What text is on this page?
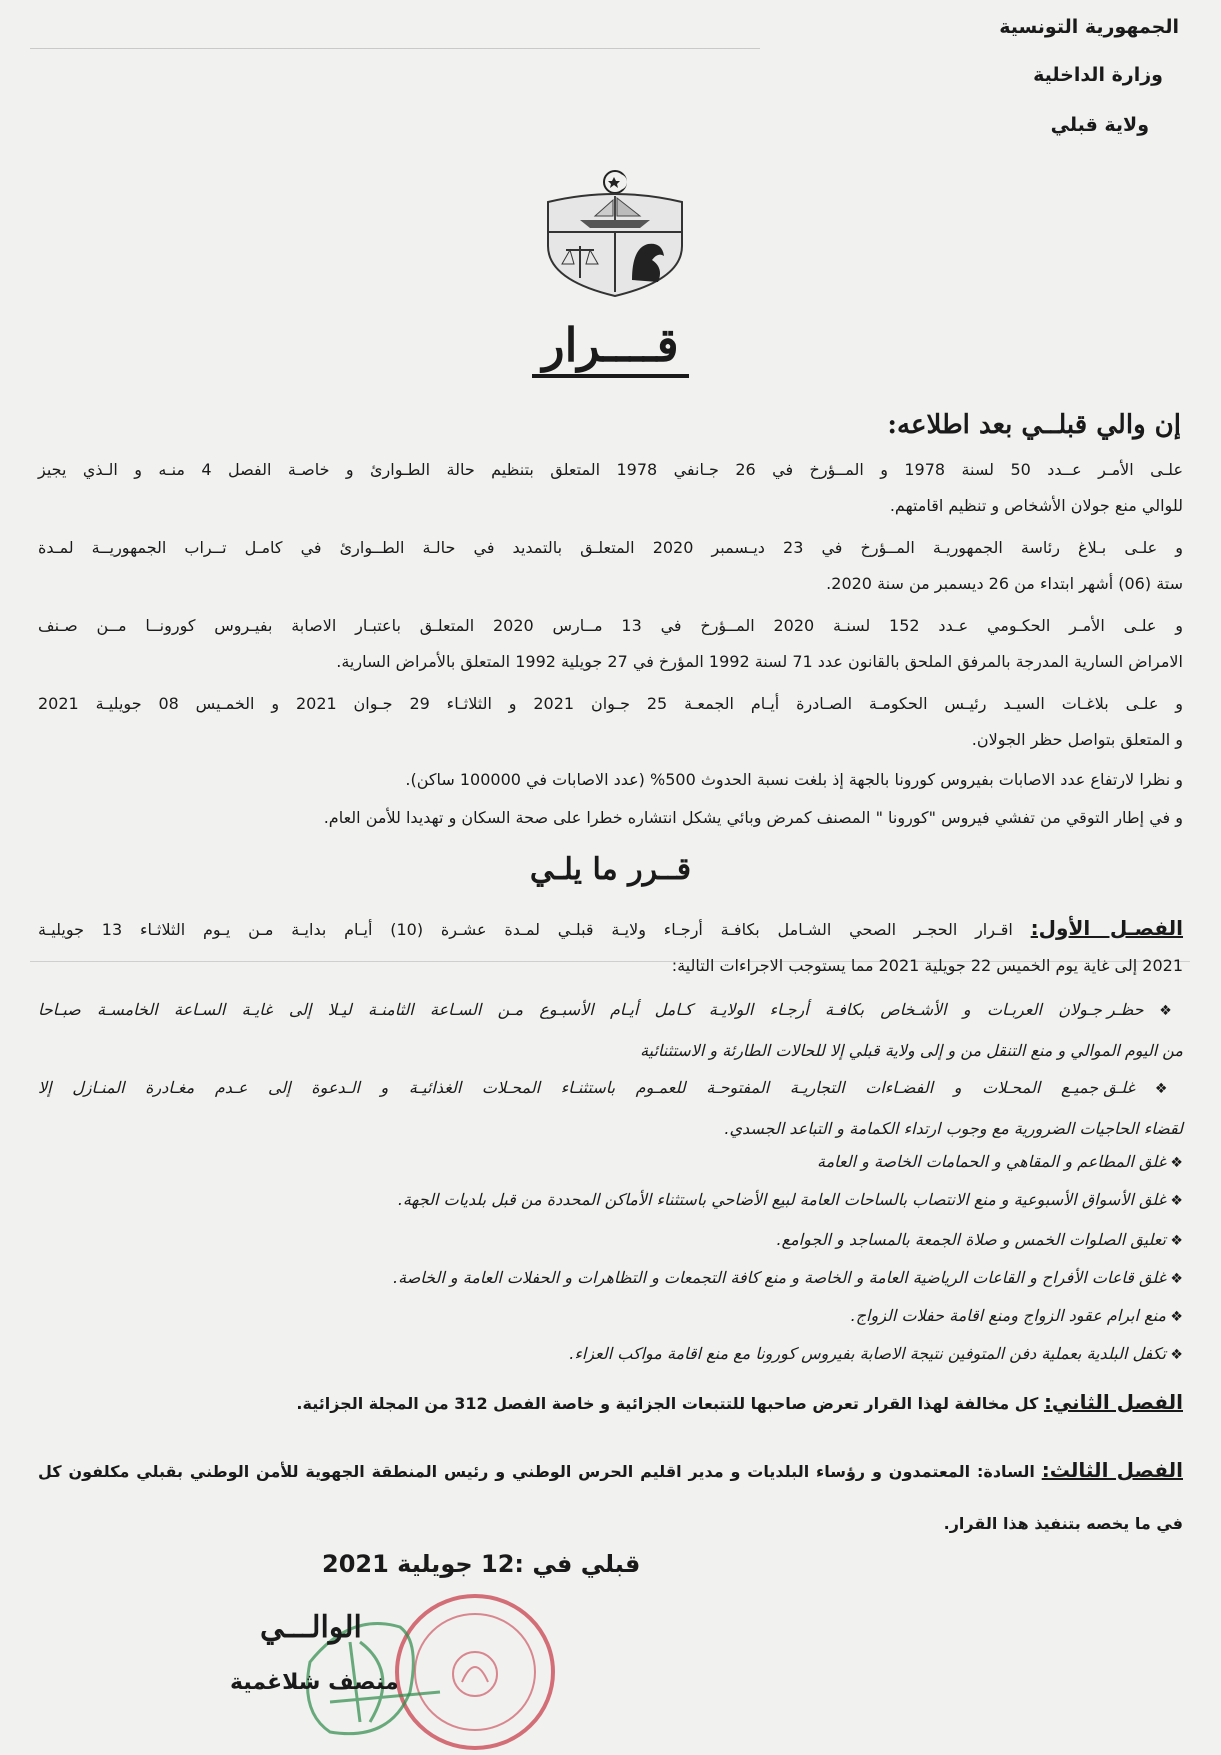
الجمهورية التونسية
وزارة الداخلية
ولاية قبلي
قــــرار
إن والي قبلــي بعد اطلاعه:
علـى الأمـر عــدد 50 لسنة 1978 و المــؤرخ في 26 جـانفي 1978 المتعلق بتنظيم حالة الطـوارئ و خاصـة الفصل 4 منـه و الـذي يجيز
للوالي منع جولان الأشخاص و تنظيم اقامتهم.
و علـى بـلاغ رئاسة الجمهوريـة المــؤرخ في 23 ديـسمبر 2020 المتعلـق بالتمديد في حالـة الطــوارئ في كامـل تــراب الجمهوريــة لمـدة
ستة (06) أشهر ابتداء من 26 ديسمبر من سنة 2020.
و علـى الأمـر الحكـومي عـدد 152 لسنـة 2020 المــؤرخ في 13 مــارس 2020 المتعلـق باعتبـار الاصابة بفيـروس كورونــا مــن صـنف
الامراض السارية المدرجة بالمرفق الملحق بالقانون عدد 71 لسنة 1992 المؤرخ في 27 جويلية 1992 المتعلق بالأمراض السارية.
و علـى بلاغـات السيـد رئيـس الحكومـة الصـادرة أيـام الجمعـة 25 جـوان 2021 و الثلاثـاء 29 جـوان 2021 و الخمـيس 08 جويليـة 2021
و المتعلق بتواصل حظر الجولان.
و نظرا لارتفاع عدد الاصابات بفيروس كورونا بالجهة إذ بلغت نسبة الحدوث 500% (عدد الاصابات في 100000 ساكن).
و في إطار التوقي من تفشي فيروس "كورونا " المصنف كمرض وبائي يشكل انتشاره خطرا على صحة السكان و تهديدا للأمن العام.
قــرر ما يلـي
الفصـل الأول: اقـرار الحجـر الصحي الشـامل بكافـة أرجـاء ولايـة قبلـي لمـدة عشـرة (10) أيـام بدايـة مـن يـوم الثلاثـاء 13 جويليـة
2021 إلى غاية يوم الخميس 22 جويلية 2021 مما يستوجب الاجراءات التالية:
❖ حظـر جـولان العربـات و الأشـخاص بكافـة أرجـاء الولايـة كـامل أيـام الأسبـوع مـن السـاعة الثامنـة ليـلا إلى غايـة السـاعة الخامسـة صبـاحا
من اليوم الموالي و منع التنقل من و إلى ولاية قبلي إلا للحالات الطارئة و الاستثنائية
❖ غلـق جميـع المحـلات و الفضـاءات التجاريـة المفتوحـة للعمـوم باستثنـاء المحـلات الغذائيـة و الـدعوة إلى عـدم مغـادرة المنـازل إلا
لقضاء الحاجيات الضرورية مع وجوب ارتداء الكمامة و التباعد الجسدي.
❖ غلق المطاعم و المقاهي و الحمامات الخاصة و العامة
❖ غلق الأسواق الأسبوعية و منع الانتصاب بالساحات العامة لبيع الأضاحي باستثناء الأماكن المحددة من قبل بلديات الجهة.
❖ تعليق الصلوات الخمس و صلاة الجمعة بالمساجد و الجوامع.
❖ غلق قاعات الأفراح و القاعات الرياضية العامة و الخاصة و منع كافة التجمعات و التظاهرات و الحفلات العامة و الخاصة.
❖ منع ابرام عقود الزواج ومنع اقامة حفلات الزواج.
❖ تكفل البلدية بعملية دفن المتوفين نتيجة الاصابة بفيروس كورونا مع منع اقامة مواكب العزاء.
الفصل الثاني: كل مخالفة لهذا القرار تعرض صاحبها للتتبعات الجزائية و خاصة الفصل 312 من المجلة الجزائية.
الفصل الثالث: السادة: المعتمدون و رؤساء البلديات و مدير اقليم الحرس الوطني و رئيس المنطقة الجهوية للأمن الوطني بقبلي مكلفون كل
في ما يخصه بتنفيذ هذا القرار.
قبلي في :12 جويلية 2021
الوالـــي
منصف شلاغمية
